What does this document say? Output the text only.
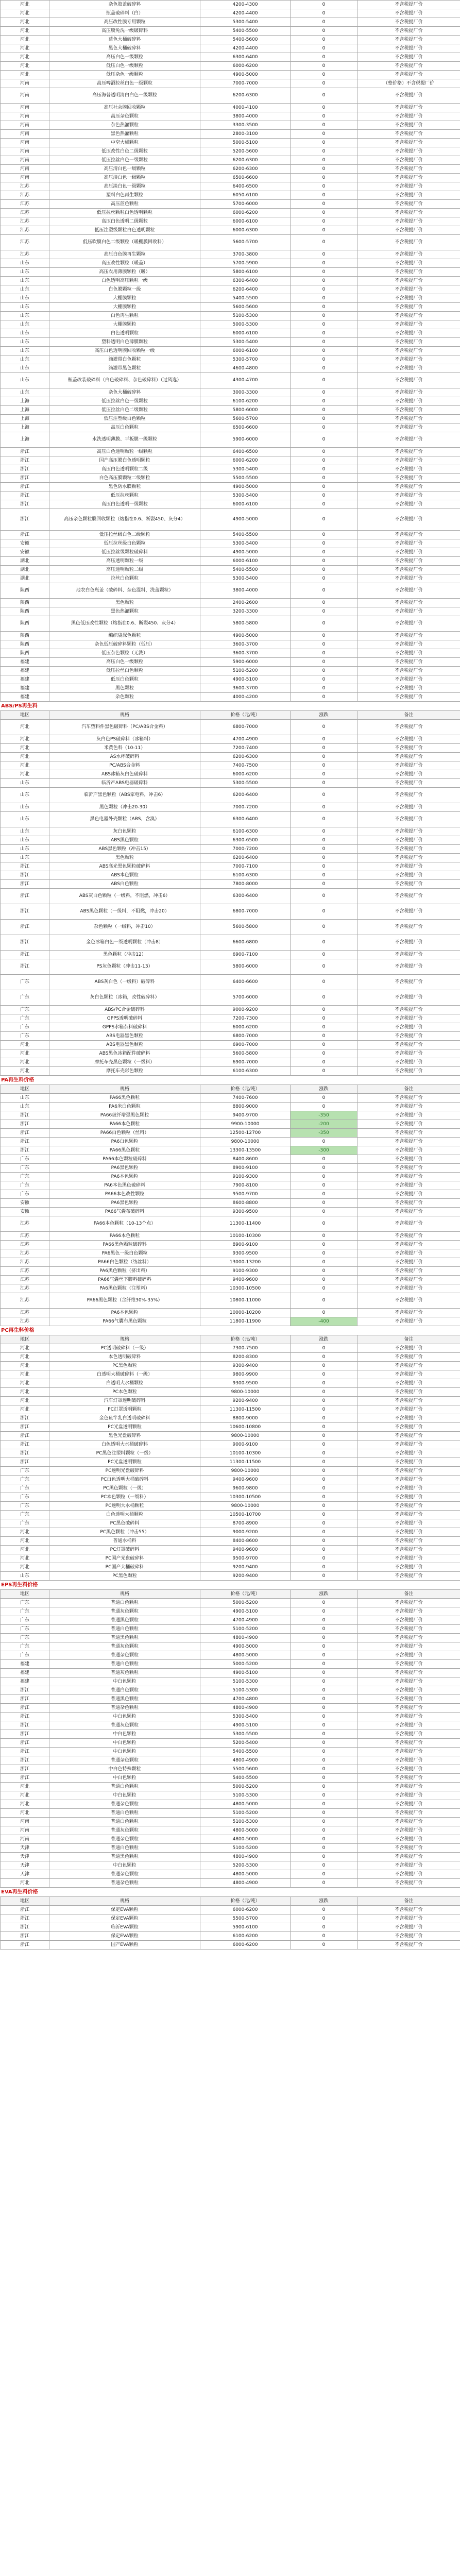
河北	杂色胶盖破碎料	4200-4300	0	不含税提厂价
河北	瓶盖破碎料（白）	4200-4400	0	不含税提厂价
河北	高压改性膜专用颗粒	5300-5400	0	不含税提厂价
河北	高压膜免洗一级破碎料	5400-5500	0	不含税提厂价
河北	蓝色大桶破碎料	5400-5600	0	不含税提厂价
河北	黑色大桶破碎料	4200-4400	0	不含税提厂价
河北	高压白色一级颗粒	6300-6400	0	不含税提厂价
河北	低压白色一级颗粒	6000-6200	0	不含税提厂价
河北	低压杂色一级颗粒	4900-5000	0	不含税提厂价
河南	高压啤酒拉丝白色一级颗粒	7000-7000	0	（整价格）不含税提厂价
河南	高压海普透明清白白色一级颗粒	6200-6300	0	不含税提厂价
河南	高压社会膜回收颗粒	4000-4100	0	不含税提厂价
河南	高压杂色颗粒	3800-4000	0	不含税提厂价
河南	杂色热灌颗粒	3300-3500	0	不含税提厂价
河南	黑色热灌颗粒	2800-3100	0	不含税提厂价
河南	中空大桶颗粒	5000-5100	0	不含税提厂价
河南	低压改性白色二级颗粒	5200-5600	0	不含税提厂价
河南	低压拉丝白色一级颗粒	6200-6300	0	不含税提厂价
河南	高压清白色一级颗粒	6200-6300	0	不含税提厂价
河南	高压淡白色一级颗粒	6500-6600	0	不含税提厂价
江苏	高压淡白色一级颗粒	6400-6500	0	不含税提厂价
江苏	塑料白色再生颗粒	6050-6100	0	不含税提厂价
江苏	高压蓝色颗粒	5700-6000	0	不含税提厂价
江苏	低压拉丝颗粒白色透明颗粒	6000-6200	0	不含税提厂价
江苏	高压白色透明二级颗粒	6000-6100	0	不含税提厂价
江苏	低压注塑级颗粒白色透明颗粒	6000-6300	0	不含税提厂价
江苏	低压吹膜白色二级颗粒（暖棚膜回收料）	5600-5700	0	不含税提厂价
江苏	高压白色膜再生颗粒	3700-3800	0	不含税提厂价
山东	高压改性颗粒（暖盖）	5700-5900	0	不含税提厂价
山东	高压农用薄膜颗粒（暖）	5800-6100	0	不含税提厂价
山东	白色透明高压颗粒一级	6300-6400	0	不含税提厂价
山东	白色膜颗粒一级	6200-6400	0	不含税提厂价
山东	大棚膜颗粒	5400-5500	0	不含税提厂价
山东	大棚膜颗粒	5600-5600	0	不含税提厂价
山东	白色再生颗粒	5100-5300	0	不含税提厂价
山东	大棚膜颗粒	5000-5300	0	不含税提厂价
山东	白色透明颗粒	6000-6100	0	不含税提厂价
山东	塑料透明白色薄膜颗粒	5300-5400	0	不含税提厂价
山东	高压白色透明膜回收颗粒一级	6000-6100	0	不含税提厂价
山东	滴灌带白色颗粒	5300-5700	0	不含税提厂价
山东	滴灌带黑色颗粒	4600-4800	0	不含税提厂价
山东	瓶盖改装破碎料（白色破碎料、杂色破碎料）（过风选）	4300-4700	0	不含税提厂价
山东	杂色大桶破碎料	3000-3300	0	不含税提厂价
上海	低压拉丝白色一级颗粒	6100-6200	0	不含税提厂价
上海	低压拉丝白色二级颗粒	5800-6000	0	不含税提厂价
上海	低压注塑级白色颗粒	5600-5700	0	不含税提厂价
上海	高压白色颗粒	6500-6600	0	不含税提厂价
上海	水洗透明薄膜、平板膜一级颗粒	5900-6000	0	不含税提厂价
浙江	高压白色透明颗粒一级颗粒	6400-6500	0	不含税提厂价
浙江	国产高压膜白色透明颗粒	6000-6200	0	不含税提厂价
浙江	高压白色透明颗粒二级	5300-5400	0	不含税提厂价
浙江	白色高压膜颗粒二级颗粒	5500-5500	0	不含税提厂价
浙江	黑色防水膜颗粒	4900-5000	0	不含税提厂价
浙江	低压拉丝颗粒	5300-5400	0	不含税提厂价
浙江	高压白色透明一级颗粒	6000-6100	0	不含税提厂价
浙江	高压杂色颗粒膜回收颗粒（熔指在0.6、断裂450、灰分4）	4900-5000	0	不含税提厂价
浙江	低压拉丝级白色二级颗粒	5400-5500	0	不含税提厂价
安徽	低压拉丝级白色颗粒	5300-5400	0	不含税提厂价
安徽	低压拉丝级颗粒破碎料	4900-5000	0	不含税提厂价
湖北	高压透明颗粒一级	6000-6100	0	不含税提厂价
湖北	高压透明颗粒二级	5400-5500	0	不含税提厂价
湖北	拉丝白色颗粒	5300-5400	0	不含税提厂价
陕西	地农白色瓶盖（破碎料、杂色混料，洗盖颗粒）	3800-4000	0	不含税提厂价
陕西	黑色颗粒	2400-2600	0	不含税提厂价
陕西	黑色热灌颗粒	3200-3300	0	不含税提厂价
陕西	黑色低压改性颗粒（熔指在0.6、断裂450、灰分4）	5800-5800	0	不含税提厂价
陕西	编织袋深色颗粒	4900-5000	0	不含税提厂价
陕西	杂色低压破碎料颗粒（低压）	3600-3700	0	不含税提厂价
陕西	低压杂色颗粒（无洗）	3600-3700	0	不含税提厂价
福建	高压白色一级颗粒	5900-6000	0	不含税提厂价
福建	低压拉丝白色颗粒	5100-5200	0	不含税提厂价
福建	低压白色颗粒	4900-5100	0	不含税提厂价
福建	黑色颗粒	3600-3700	0	不含税提厂价
福建	杂色颗粒	4000-4200	0	不含税提厂价
ABS/PS再生料
地区	规格	价格（元/吨）	涨跌	备注
河北	汽车塑料件黑色破碎料（PC/ABS合金料）	6800-7000	0	不含税提厂价
河北	灰白色PS破碎料（冰箱料）	4700-4900	0	不含税提厂价
河北	米黄色料（10-11）	7200-7400	0	不含税提厂价
河北	AS水杯破碎料	6200-6300	0	不含税提厂价
河北	PC/ABS合金料	7400-7500	0	不含税提厂价
河北	ABS冰箱灰白色破碎料	6000-6200	0	不含税提厂价
山东	临沂产ABS电器破碎料	5300-5500	0	不含税提厂价
山东	临沂产黑色颗粒（ABS家电料，冲击6）	6200-6400	0	不含税提厂价
山东	黑色颗粒（冲击20-30）	7000-7200	0	不含税提厂价
山东	黑色电器外壳颗粒（ABS，含溴）	6300-6400	0	不含税提厂价
山东	灰白色颗粒	6100-6300	0	不含税提厂价
山东	ABS黑色颗粒	6300-6500	0	不含税提厂价
山东	ABS黑色颗粒（冲击15）	7000-7200	0	不含税提厂价
山东	黑色颗粒	6200-6400	0	不含税提厂价
浙江	ABS高光黑色颗粒破碎料	7000-7100	0	不含税提厂价
浙江	ABS本色颗粒	6100-6300	0	不含税提厂价
浙江	ABS白色颗粒	7800-8000	0	不含税提厂价
浙江	ABS灰白色颗粒（一级料，不阻燃，冲击6）	6300-6400	0	不含税提厂价
浙江	ABS黑色颗粒（一级料，不阻燃，冲击20）	6800-7000	0	不含税提厂价
浙江	杂色颗粒（一级料，冲击10）	5600-5800	0	不含税提厂价
浙江	金色冰箱白色一级透明颗粒（冲击8）	6600-6800	0	不含税提厂价
浙江	黑色颗粒（冲击12）	6900-7100	0	不含税提厂价
浙江	PS灰色颗粒（冲击11-13）	5800-6000	0	不含税提厂价
广东	ABS灰白色（一级料）破碎料	6400-6600	0	不含税提厂价
广东	灰白色颗粒（冰箱，改性破碎料）	5700-6000	0	不含税提厂价
广东	ABS/PC合金破碎料	9000-9200	0	不含税提厂价
广东	GPPS透明破碎料	7200-7300	0	不含税提厂价
广东	GPPS水箱杂料破碎料	6000-6200	0	不含税提厂价
广东	ABS电器黑色颗粒	6800-7000	0	不含税提厂价
河北	ABS电器黑色颗粒	6900-7000	0	不含税提厂价
河北	ABS黑色冰箱配件破碎料	5600-5800	0	不含税提厂价
河北	摩托车壳黑色颗粒（一级料）	6900-7000	0	不含税提厂价
河北	摩托车壳彩色颗粒	6100-6300	0	不含税提厂价
PA再生料价格
地区	规格	价格（元/吨）	涨跌	备注
山东	PA66黑色颗粒	7400-7600	0	不含税提厂价
山东	PA6米白色颗粒	8800-9000	0	不含税提厂价
浙江	PA66玻纤增强黑色颗粒	9400-9700	-350	不含税提厂价
浙江	PA66本色颗粒	9900-10000	-200	不含税提厂价
浙江	PA66白色颗粒（丝料）	12500-12700	-350	不含税提厂价
浙江	PA6白色颗粒	9800-10000	0	不含税提厂价
浙江	PA66黑色颗粒	13300-13500	-300	不含税提厂价
广东	PA66本色颗粒破碎料	8400-8600	0	不含税提厂价
广东	PA6黑色颗粒	8900-9100	0	不含税提厂价
广东	PA6本色颗粒	9100-9300	0	不含税提厂价
广东	PA6本色黑色破碎料	7900-8100	0	不含税提厂价
广东	PA66本色改性颗粒	9500-9700	0	不含税提厂价
安徽	PA6黑色颗粒	8600-8800	0	不含税提厂价
安徽	PA66气囊布破碎料	9300-9500	0	不含税提厂价
江苏	PA66本色颗粒（10-13个点）	11300-11400	0	不含税提厂价
江苏	PA66本色颗粒	10100-10300	0	不含税提厂价
江苏	PA66黑色颗粒破碎料	8900-9100	0	不含税提厂价
江苏	PA6黑色一级白色颗粒	9300-9500	0	不含税提厂价
江苏	PA66白色颗粒（纺丝料）	13000-13200	0	不含税提厂价
江苏	PA6黑色颗粒（挤出料）	9100-9300	0	不含税提厂价
江苏	PA66气囊丝下脚料破碎料	9400-9600	0	不含税提厂价
江苏	PA6黑色颗粒（注塑料）	10300-10500	0	不含税提厂价
江苏	PA66黑色颗粒（含纤维30%-35%）	10800-11000	0	不含税提厂价
江苏	PA6本色颗粒	10000-10200	0	不含税提厂价
江苏	PA66气囊布黑色颗粒	11800-11900	-400	不含税提厂价
PC再生料价格
地区	规格	价格（元/吨）	涨跌	备注
河北	PC透明破碎料（一级）	7300-7500	0	不含税提厂价
河北	本色透明破碎料	8200-8300	0	不含税提厂价
河北	PC黑色颗粒	9300-9400	0	不含税提厂价
河北	白透明大桶破碎料（一级）	9800-9900	0	不含税提厂价
河北	白透明大水桶颗粒	9300-9500	0	不含税提厂价
河北	PC本色颗粒	9800-10000	0	不含税提厂价
河北	汽车灯罩透明破碎料	9200-9400	0	不含税提厂价
河北	PC灯罩透明颗粒	11300-11500	0	不含税提厂价
浙江	金色鱼竿乳白透明破碎料	8800-9000	0	不含税提厂价
浙江	PC光盘透明颗粒	10600-10800	0	不含税提厂价
浙江	黑色光盘破碎料	9800-10000	0	不含税提厂价
浙江	白色透明大水桶破碎料	9000-9100	0	不含税提厂价
浙江	PC黑色注塑料颗粒（一级）	10100-10300	0	不含税提厂价
浙江	PC光盘透明颗粒	11300-11500	0	不含税提厂价
广东	PC透明光盘破碎料	9800-10000	0	不含税提厂价
广东	PC白色透明大桶破碎料	9400-9600	0	不含税提厂价
广东	PC黑色颗粒（一级）	9600-9800	0	不含税提厂价
广东	PC本色颗粒（一级料）	10300-10500	0	不含税提厂价
广东	PC透明大水桶颗粒	9800-10000	0	不含税提厂价
广东	白色透明大桶颗粒	10500-10700	0	不含税提厂价
广东	PC黑色破碎料	8700-8900	0	不含税提厂价
河北	PC黑色颗粒（冲击55）	9000-9200	0	不含税提厂价
河北	普通水桶料	8400-8600	0	不含税提厂价
河北	PC灯罩破碎料	9400-9600	0	不含税提厂价
河北	PC国产光盘破碎料	9500-9700	0	不含税提厂价
河北	PC国产大桶破碎料	9200-9400	0	不含税提厂价
山东	PC黑色颗粒	9200-9400	0	不含税提厂价
EPS再生料价格
地区	规格	价格（元/吨）	涨跌	备注
广东	普通白色颗粒	5000-5200	0	不含税提厂价
广东	普通灰色颗粒	4900-5100	0	不含税提厂价
广东	普通黑色颗粒	4700-4900	0	不含税提厂价
广东	普通白色颗粒	5100-5200	0	不含税提厂价
广东	普通黑色颗粒	4800-4900	0	不含税提厂价
广东	普通灰色颗粒	4900-5000	0	不含税提厂价
广东	普通杂色颗粒	4800-5000	0	不含税提厂价
福建	普通白色颗粒	5000-5200	0	不含税提厂价
福建	普通灰色颗粒	4900-5100	0	不含税提厂价
福建	中白色颗粒	5100-5300	0	不含税提厂价
浙江	普通白色颗粒	5100-5300	0	不含税提厂价
浙江	普通黑色颗粒	4700-4800	0	不含税提厂价
浙江	普通杂色颗粒	4800-4900	0	不含税提厂价
浙江	中白色颗粒	5300-5400	0	不含税提厂价
浙江	普通灰色颗粒	4900-5100	0	不含税提厂价
浙江	中白色颗粒	5300-5500	0	不含税提厂价
浙江	中白色颗粒	5200-5400	0	不含税提厂价
浙江	中白色颗粒	5400-5500	0	不含税提厂价
浙江	普通杂色颗粒	4800-4900	0	不含税提厂价
浙江	中白色特殊颗粒	5500-5600	0	不含税提厂价
浙江	中白色颗粒	5400-5500	0	不含税提厂价
河北	普通白色颗粒	5000-5200	0	不含税提厂价
河北	中白色颗粒	5100-5300	0	不含税提厂价
河北	普通杂色颗粒	4800-5000	0	不含税提厂价
河北	普通白色颗粒	5100-5200	0	不含税提厂价
河南	普通白色颗粒	5100-5300	0	不含税提厂价
河南	普通灰色颗粒	4800-5000	0	不含税提厂价
河南	普通杂色颗粒	4800-5000	0	不含税提厂价
天津	普通白色颗粒	5100-5200	0	不含税提厂价
天津	普通黑色颗粒	4800-4900	0	不含税提厂价
天津	中白色颗粒	5200-5300	0	不含税提厂价
天津	普通杂色颗粒	4800-5000	0	不含税提厂价
河北	普通杂色颗粒	4800-4900	0	不含税提厂价
EVA再生料价格
地区	规格	价格（元/吨）	涨跌	备注
浙江	保定EVA颗粒	6000-6200	0	不含税提厂价
浙江	保定EVA颗粒	5500-5700	0	不含税提厂价
浙江	临沂EVA颗粒	5900-6100	0	不含税提厂价
浙江	保定EVA颗粒	6100-6200	0	不含税提厂价
浙江	国产EVA颗粒	6000-6200	0	不含税提厂价
